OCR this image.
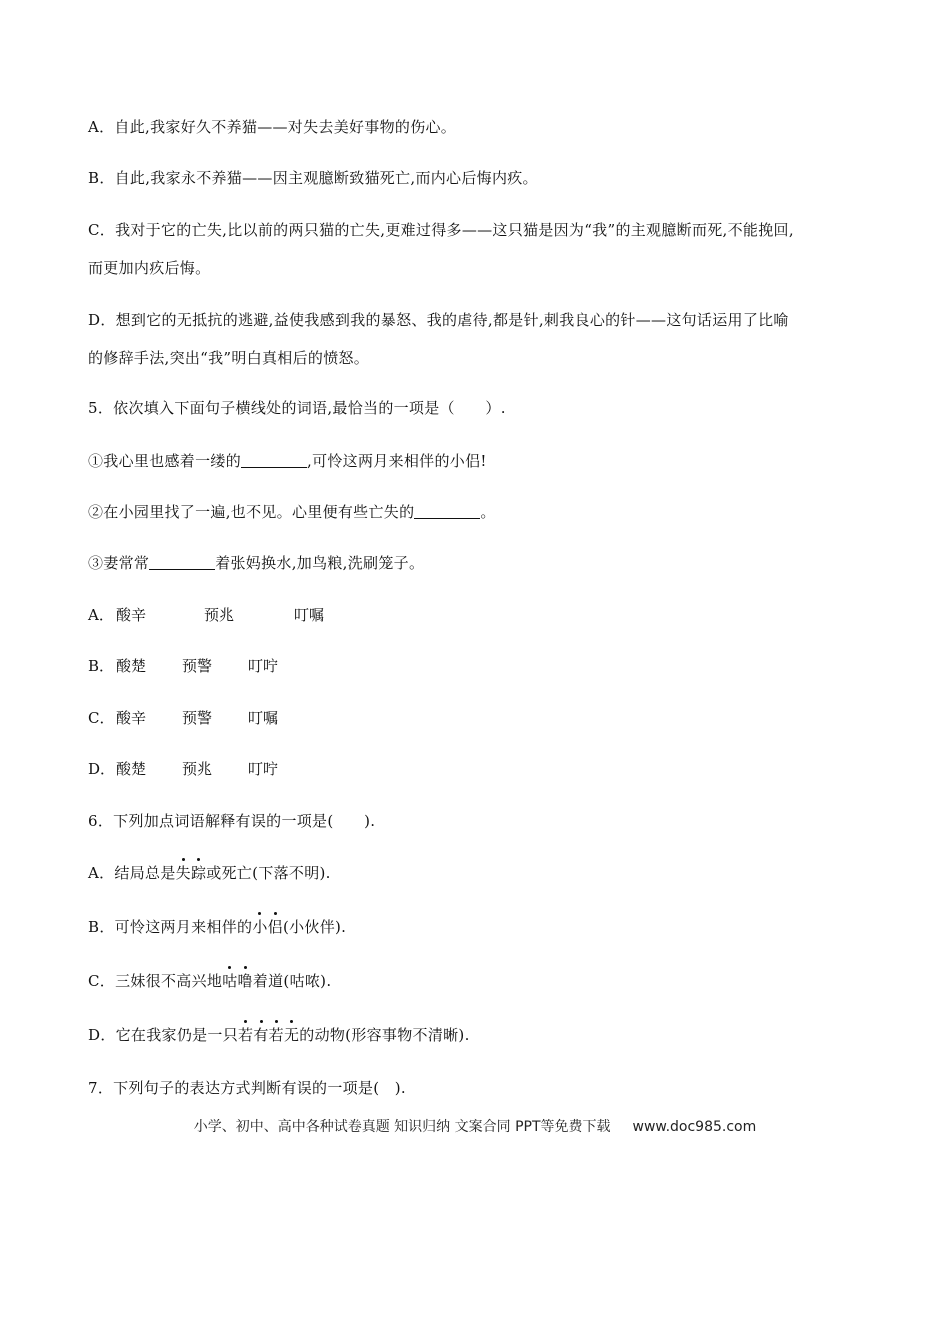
A．自此,我家好久不养猫——对失去美好事物的伤心。
B．自此,我家永不养猫——因主观臆断致猫死亡,而内心后悔内疚。
C．我对于它的亡失,比以前的两只猫的亡失,更难过得多——这只猫是因为“我”的主观臆断而死,不能挽回,
而更加内疚后悔。
D．想到它的无抵抗的逃避,益使我感到我的暴怒、我的虐待,都是针,刺我良心的针——这句话运用了比喻
的修辞手法,突出“我”明白真相后的愤怒。
5．依次填入下面句子横线处的词语,最恰当的一项是（　　）.
①我心里也感着一缕的	,可怜这两月来相伴的小侣!
②在小园里找了一遍,也不见。心里便有些亡失的	。
③妻常常	着张妈换水,加鸟粮,洗刷笼子。
A． 酸辛	预兆	叮嘱
B． 酸楚 预警 叮咛
C． 酸辛 预警 叮嘱
D．酸楚 预兆 叮咛
6．下列加点词语解释有误的一项是(　　).
A．结局总是失踪或死亡(下落不明).
B．可怜这两月来相伴的小侣(小伙伴).
C．三妹很不高兴地咕噜着道(咕哝).
D．它在我家仍是一只若有若无的动物(形容事物不清晰).
7．下列句子的表达方式判断有误的一项是(　).
小学、初中、高中各种试卷真题 知识归纳 文案合同 PPT等免费下载 www.doc985.com
